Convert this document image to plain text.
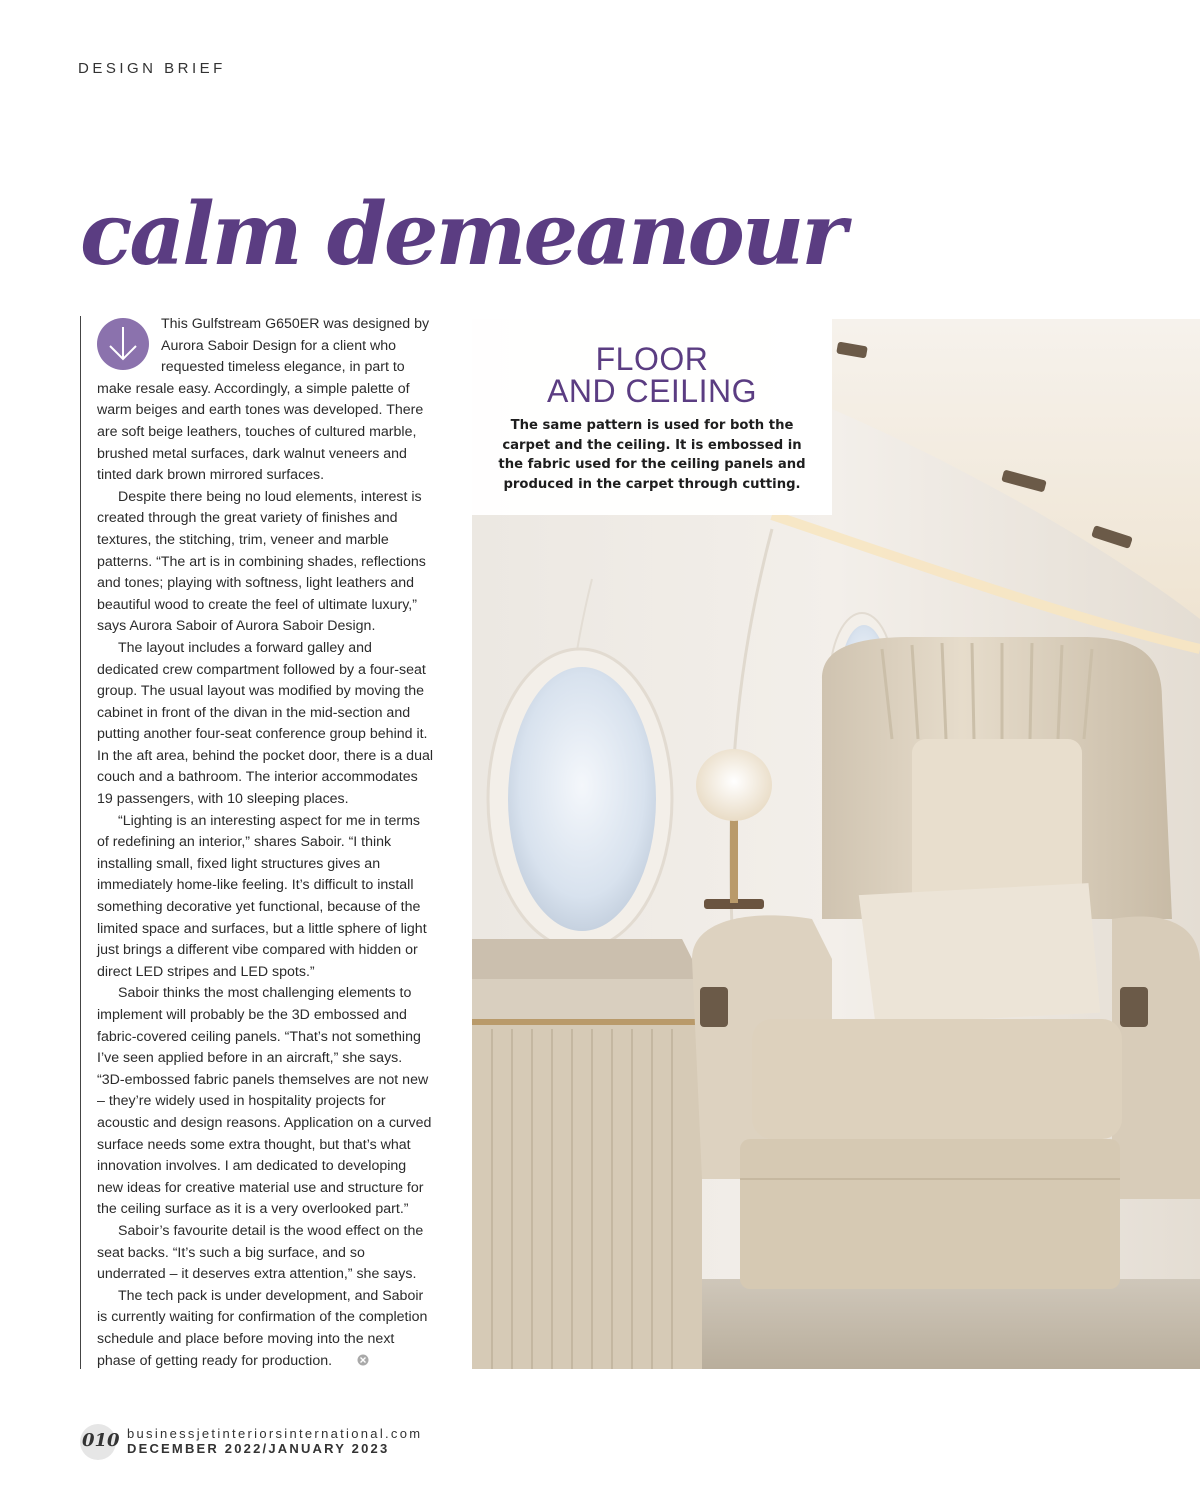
DESIGN BRIEF
calm demeanour

This Gulfstream G650ER was designed by Aurora Saboir Design for a client who requested timeless elegance, in part to make resale easy. Accordingly, a simple palette of warm beiges and earth tones was developed. There are soft beige leathers, touches of cultured marble, brushed metal surfaces, dark walnut veneers and tinted dark brown mirrored surfaces.

Despite there being no loud elements, interest is created through the great variety of finishes and textures, the stitching, trim, veneer and marble patterns. “The art is in combining shades, reflections and tones; playing with softness, light leathers and beautiful wood to create the feel of ultimate luxury,” says Aurora Saboir of Aurora Saboir Design.

The layout includes a forward galley and dedicated crew compartment followed by a four-seat group. The usual layout was modified by moving the cabinet in front of the divan in the mid-section and putting another four-seat conference group behind it. In the aft area, behind the pocket door, there is a dual couch and a bathroom. The interior accommodates 19 passengers, with 10 sleeping places.

“Lighting is an interesting aspect for me in terms of redefining an interior,” shares Saboir. “I think installing small, fixed light structures gives an immediately home-like feeling. It’s difficult to install something decorative yet functional, because of the limited space and surfaces, but a little sphere of light just brings a different vibe compared with hidden or direct LED stripes and LED spots.”

Saboir thinks the most challenging elements to implement will probably be the 3D embossed and fabric-covered ceiling panels. “That’s not something I’ve seen applied before in an aircraft,” she says. “3D-embossed fabric panels themselves are not new – they’re widely used in hospitality projects for acoustic and design reasons. Application on a curved surface needs some extra thought, but that’s what innovation involves. I am dedicated to developing new ideas for creative material use and structure for the ceiling surface as it is a very overlooked part.”

Saboir’s favourite detail is the wood effect on the seat backs. “It’s such a big surface, and so underrated – it deserves extra attention,” she says.

The tech pack is under development, and Saboir is currently waiting for confirmation of the completion schedule and place before moving into the next phase of getting ready for production.

FLOOR
AND CEILING

The same pattern is used for both the carpet and the ceiling. It is embossed in the fabric used for the ceiling panels and produced in the carpet through cutting.

010 businessjetinteriorsinternational.com
DECEMBER 2022/JANUARY 2023
